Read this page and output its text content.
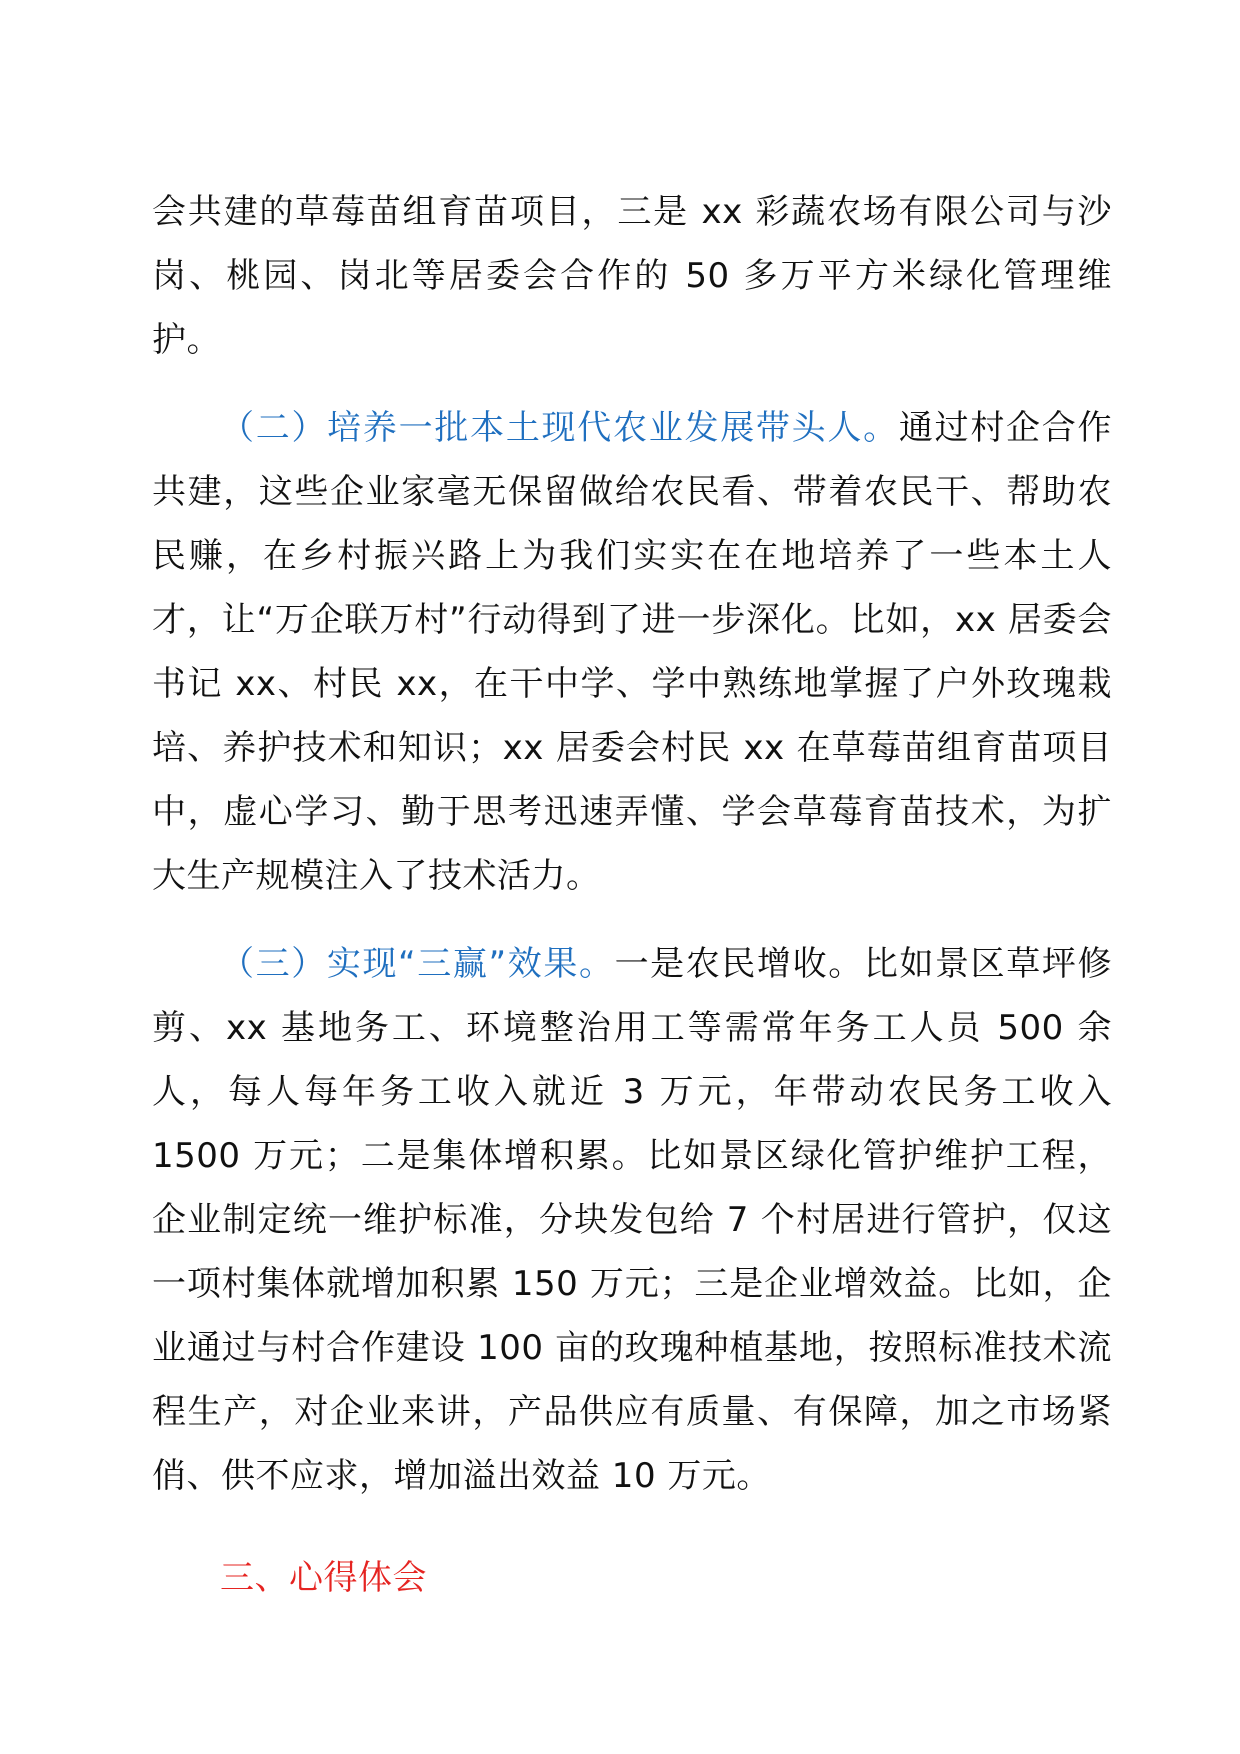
会共建的草莓苗组育苗项目，三是 xx 彩蔬农场有限公司与沙岗、桃园、岗北等居委会合作的 50 多万平方米绿化管理维护。

（二）培养一批本土现代农业发展带头人。通过村企合作共建，这些企业家毫无保留做给农民看、带着农民干、帮助农民赚，在乡村振兴路上为我们实实在在地培养了一些本土人才，让“万企联万村”行动得到了进一步深化。比如，xx 居委会书记 xx、村民 xx，在干中学、学中熟练地掌握了户外玫瑰栽培、养护技术和知识；xx 居委会村民 xx 在草莓苗组育苗项目中，虚心学习、勤于思考迅速弄懂、学会草莓育苗技术，为扩大生产规模注入了技术活力。

（三）实现“三赢”效果。一是农民增收。比如景区草坪修剪、xx 基地务工、环境整治用工等需常年务工人员 500 余人，每人每年务工收入就近 3 万元，年带动农民务工收入 1500 万元；二是集体增积累。比如景区绿化管护维护工程，企业制定统一维护标准，分块发包给 7 个村居进行管护，仅这一项村集体就增加积累 150 万元；三是企业增效益。比如，企业通过与村合作建设 100 亩的玫瑰种植基地，按照标准技术流程生产，对企业来讲，产品供应有质量、有保障，加之市场紧俏、供不应求，增加溢出效益 10 万元。

三、心得体会
